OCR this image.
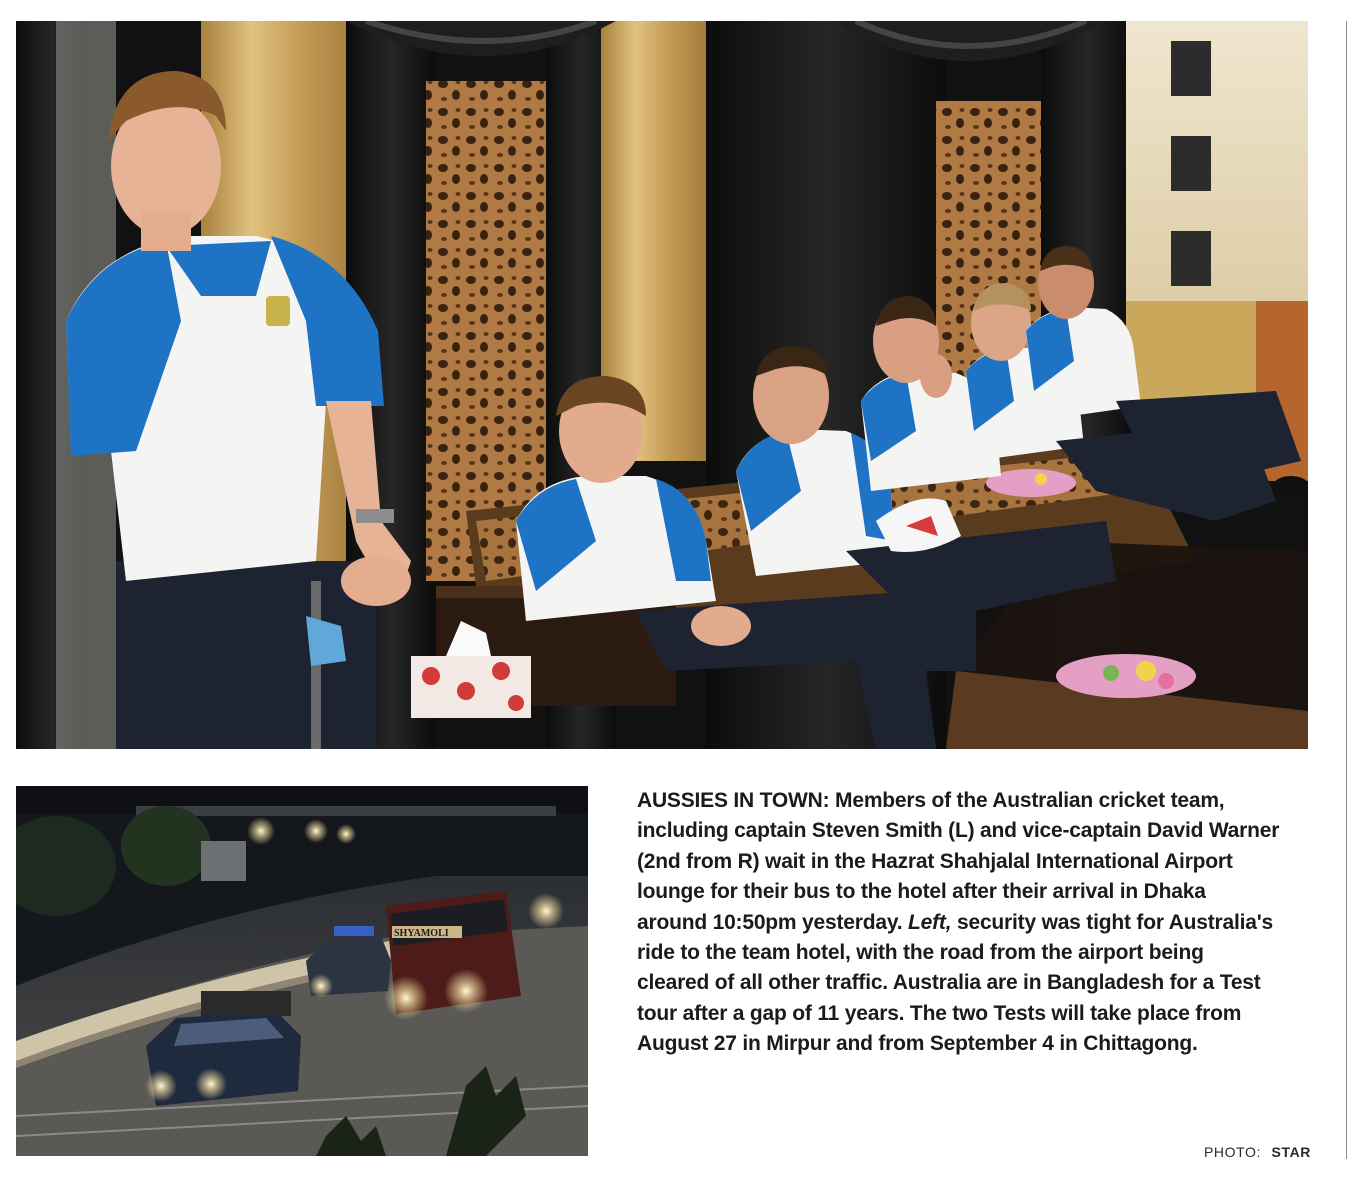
SHYAMOLI
AUSSIES IN TOWN: Members of the Australian cricket team,
including captain Steven Smith (L) and vice-captain David Warner
(2nd from R) wait in the Hazrat Shahjalal International Airport
lounge for their bus to the hotel after their arrival in Dhaka
around 10:50pm yesterday. Left, security was tight for Australia's
ride to the team hotel, with the road from the airport being
cleared of all other traffic. Australia are in Bangladesh for a Test
tour after a gap of 11 years. The two Tests will take place from
August 27 in Mirpur and from September 4 in Chittagong.
PHOTO: STAR
